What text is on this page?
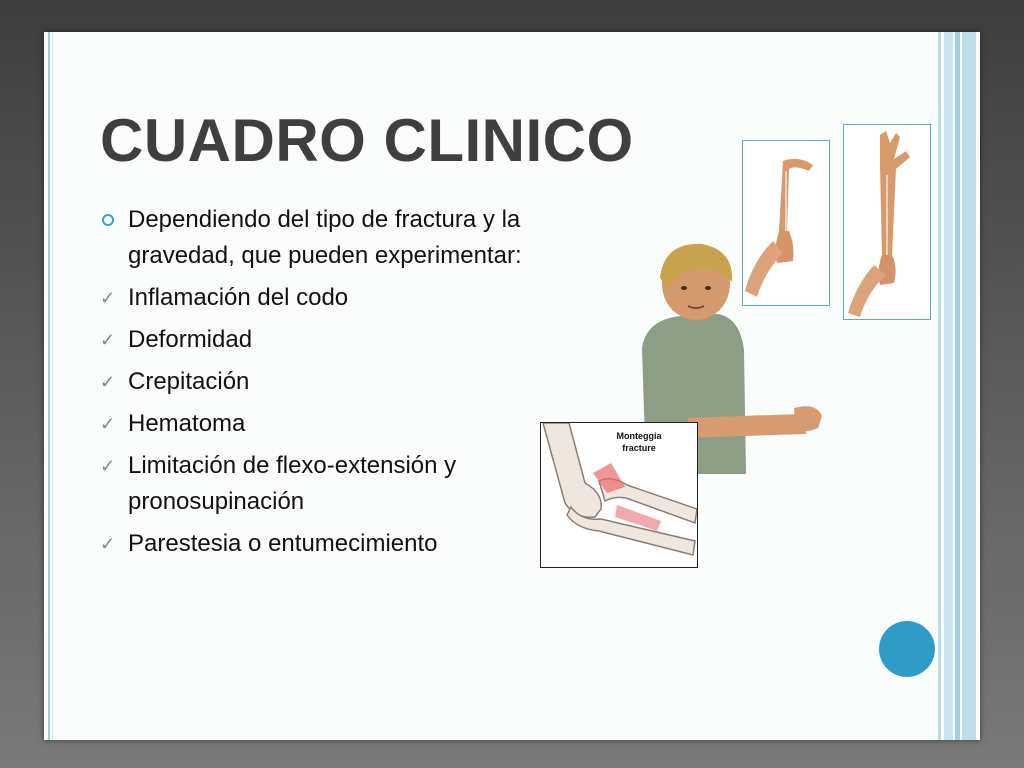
CUADRO CLINICO
Dependiendo del tipo de fractura y la gravedad, que pueden experimentar:
✓ Inflamación del codo
✓ Deformidad
✓ Crepitación
✓ Hematoma
✓ Limitación de flexo-extensión y pronosupinación
✓ Parestesia o entumecimiento
Monteggia
fracture
